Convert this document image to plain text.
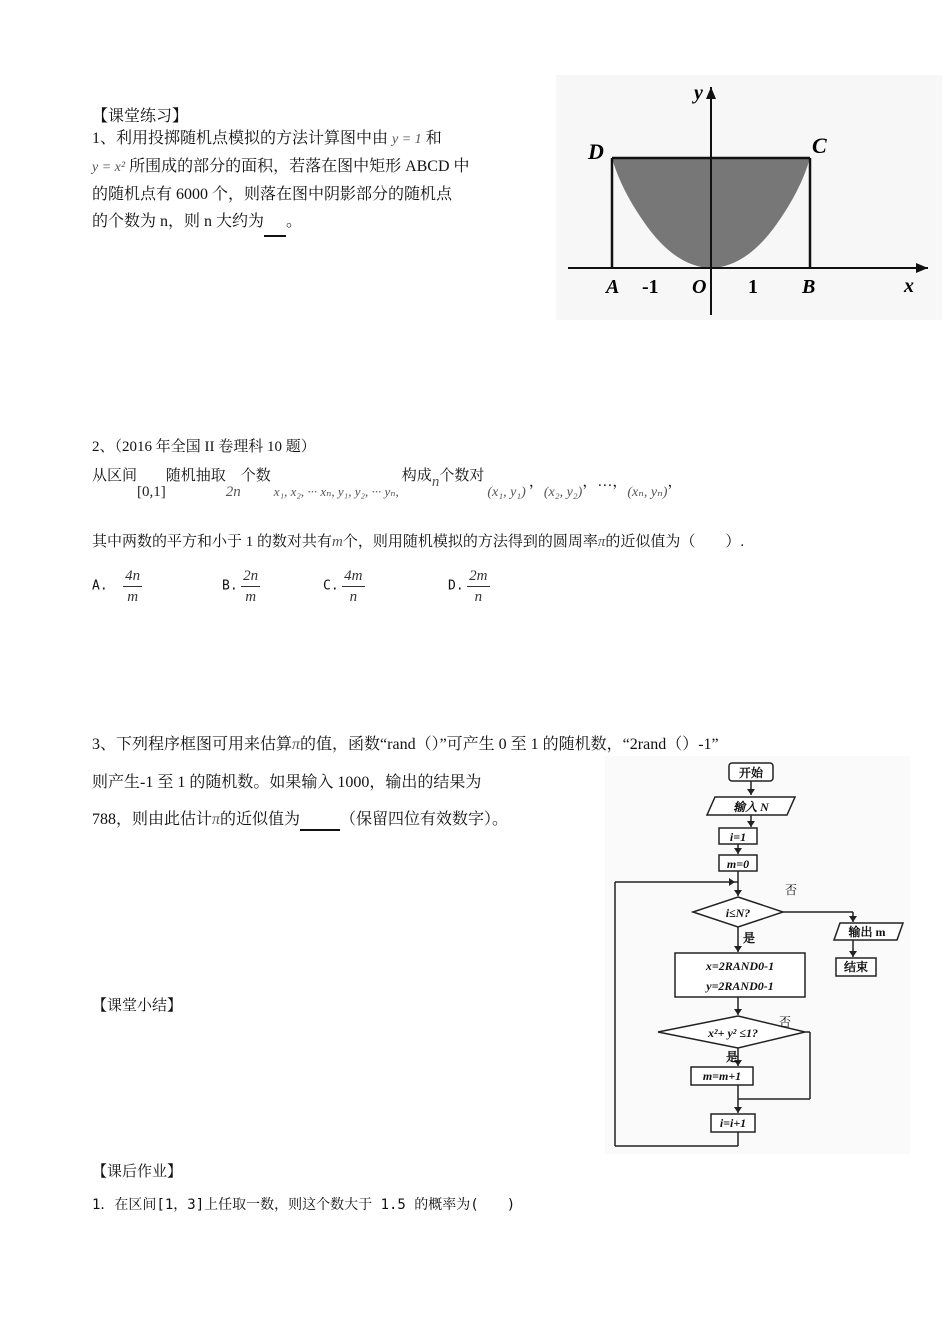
【课堂练习】
1、利用投掷随机点模拟的方法计算图中由 y = 1 和
y = x² 所围成的部分的面积，若落在图中矩形 ABCD 中
的随机点有 6000 个，则落在图中阴影部分的随机点
的个数为 n，则 n 大约为 。
y
x
D	C
A -1 O 1 B
2、（2016 年全国 II 卷理科 10 题）
从区间[0,1]随机抽取2n个数x₁, x₂, ··· xₙ, y₁, y₂, ··· yₙ,构成n个数对(x₁, y₁)，(x₂, y₂)，…，(xₙ, yₙ)，
其中两数的平方和小于 1 的数对共有m个，则用随机模拟的方法得到的圆周率π的近似值为（　　）.
A. $\frac{4n}{m}$	B. $\frac{2n}{m}$	C. $\frac{4m}{n}$	D. $\frac{2m}{n}$
3、下列程序框图可用来估算π的值，函数“rand（）”可产生 0 至 1 的随机数，“2rand（）-1”
则产生-1 至 1 的随机数。如果输入 1000，输出的结果为
788，则由此估计π的近似值为	（保留四位有效数字）。
开始
输入 N
i=1
m=0
i≤N?
否
输出 m
结束
是
x=2RAND0-1
y=2RAND0-1
x²+ y² ≤1?
否
是
m=m+1
i=i+1
【课堂小结】
【课后作业】
1．在区间[1，3]上任取一数，则这个数大于 1.5 的概率为(　　)
